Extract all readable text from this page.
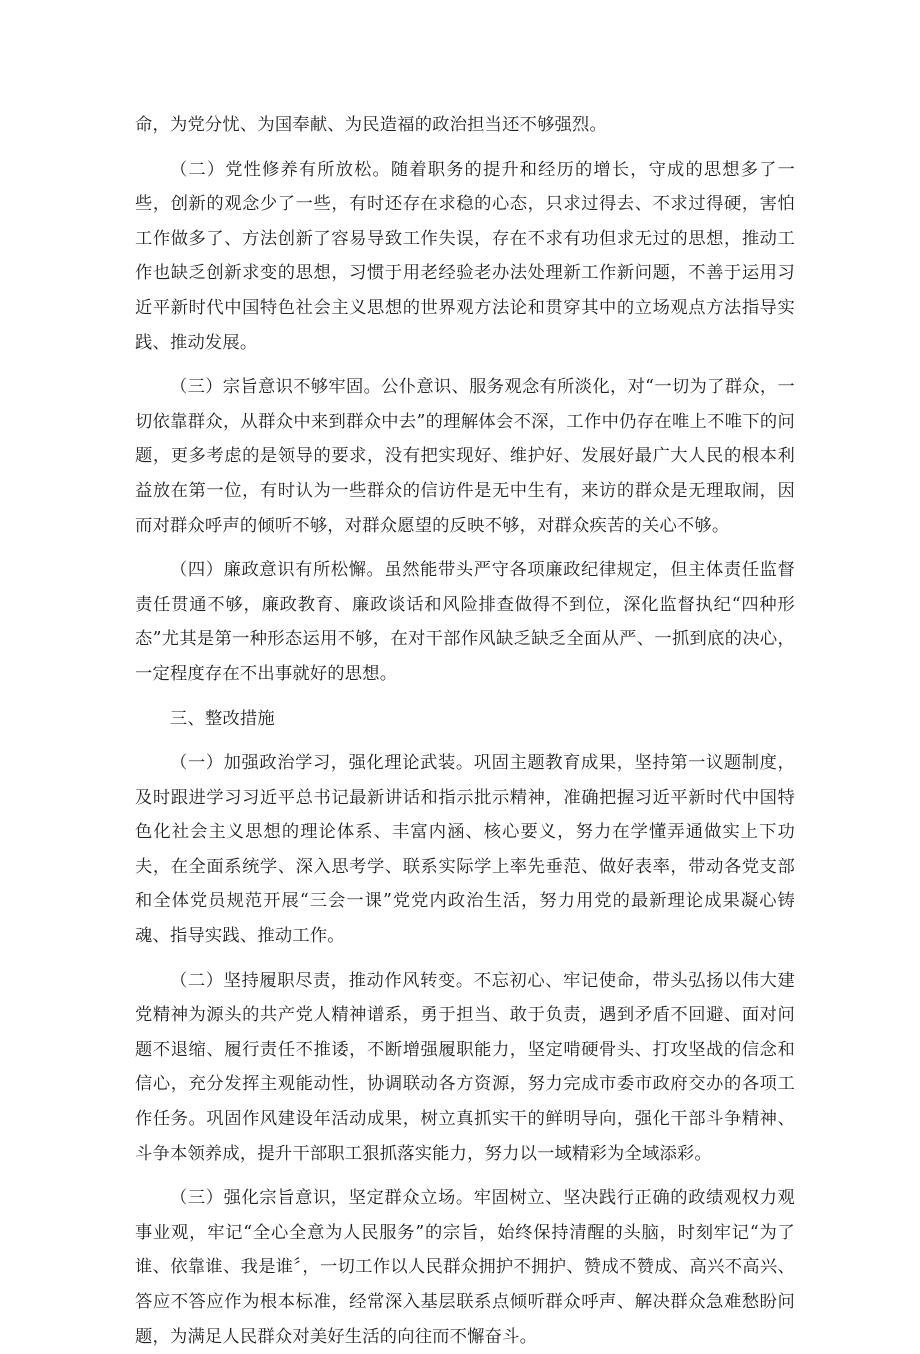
命，为党分忧、为国奉献、为民造福的政治担当还不够强烈。

（二）党性修养有所放松。随着职务的提升和经历的增长，守成的思想多了一些，创新的观念少了一些，有时还存在求稳的心态，只求过得去、不求过得硬，害怕工作做多了、方法创新了容易导致工作失误，存在不求有功但求无过的思想，推动工作也缺乏创新求变的思想，习惯于用老经验老办法处理新工作新问题，不善于运用习近平新时代中国特色社会主义思想的世界观方法论和贯穿其中的立场观点方法指导实践、推动发展。

（三）宗旨意识不够牢固。公仆意识、服务观念有所淡化，对“一切为了群众，一切依靠群众，从群众中来到群众中去”的理解体会不深，工作中仍存在唯上不唯下的问题，更多考虑的是领导的要求，没有把实现好、维护好、发展好最广大人民的根本利益放在第一位，有时认为一些群众的信访件是无中生有，来访的群众是无理取闹，因而对群众呼声的倾听不够，对群众愿望的反映不够，对群众疾苦的关心不够。

（四）廉政意识有所松懈。虽然能带头严守各项廉政纪律规定，但主体责任监督责任贯通不够，廉政教育、廉政谈话和风险排查做得不到位，深化监督执纪“四种形态”尤其是第一种形态运用不够，在对干部作风缺乏缺乏全面从严、一抓到底的决心，一定程度存在不出事就好的思想。

三、整改措施

（一）加强政治学习，强化理论武装。巩固主题教育成果，坚持第一议题制度，及时跟进学习习近平总书记最新讲话和指示批示精神，准确把握习近平新时代中国特色化社会主义思想的理论体系、丰富内涵、核心要义，努力在学懂弄通做实上下功夫，在全面系统学、深入思考学、联系实际学上率先垂范、做好表率，带动各党支部和全体党员规范开展“三会一课”党党内政治生活，努力用党的最新理论成果凝心铸魂、指导实践、推动工作。

（二）坚持履职尽责，推动作风转变。不忘初心、牢记使命，带头弘扬以伟大建党精神为源头的共产党人精神谱系，勇于担当、敢于负责，遇到矛盾不回避、面对问题不退缩、履行责任不推诿，不断增强履职能力，坚定啃硬骨头、打攻坚战的信念和信心，充分发挥主观能动性，协调联动各方资源，努力完成市委市政府交办的各项工作任务。巩固作风建设年活动成果，树立真抓实干的鲜明导向，强化干部斗争精神、斗争本领养成，提升干部职工狠抓落实能力，努力以一域精彩为全域添彩。

（三）强化宗旨意识，坚定群众立场。牢固树立、坚决践行正确的政绩观权力观事业观，牢记“全心全意为人民服务”的宗旨，始终保持清醒的头脑，时刻牢记“为了谁、依靠谁、我是谁〞，一切工作以人民群众拥护不拥护、赞成不赞成、高兴不高兴、答应不答应作为根本标准，经常深入基层联系点倾听群众呼声、解决群众急难愁盼问题，为满足人民群众对美好生活的向往而不懈奋斗。
